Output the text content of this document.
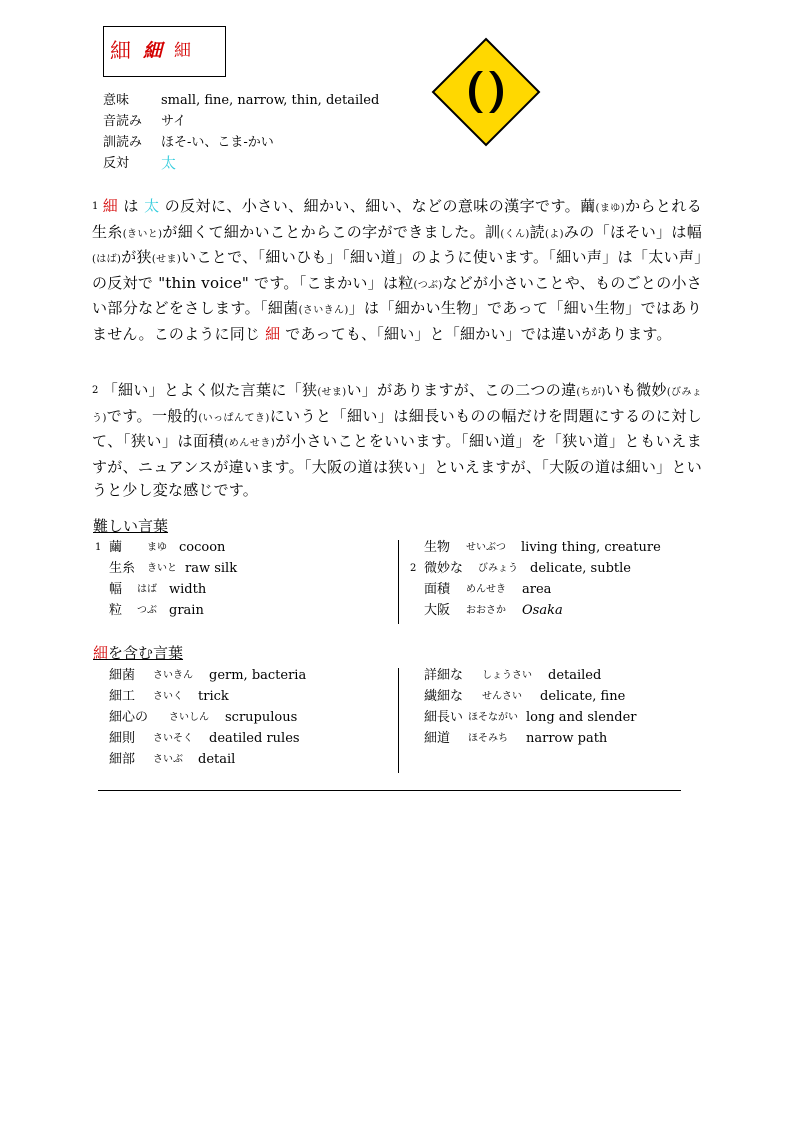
細 細 細
意味	small, fine, narrow, thin, detailed
音読み	サイ
訓読み	ほそ-い、こま-かい
反対	太
$^1$ 細 は 太 の反対に、小さい、細かい、細い、などの意味の漢字です。繭(まゆ)からとれる生糸(きいと)が細くて細かいことからこの字ができました。訓(くん)読(よ)みの「ほそい」は幅(はば)が狭(せま)いことで、「細いひも」「細い道」のように使います。「細い声」は「太い声」の反対で "thin voice" です。「こまかい」は粒(つぶ)などが小さいことや、ものごとの小さい部分などをさします。「細菌(さいきん)」は「細かい生物」であって「細い生物」ではありません。このように同じ 細 であっても、「細い」と「細かい」では違いがあります。
$^2$ 「細い」とよく似た言葉に「狭(せま)い」がありますが、この二つの違(ちが)いも微妙(びみょう)です。一般的(いっぱんてき)にいうと「細い」は細長いものの幅だけを問題にするのに対して、「狭い」は面積(めんせき)が小さいことをいいます。「細い道」を「狭い道」ともいえますが、ニュアンスが違います。「大阪の道は狭い」といえますが、「大阪の道は細い」というと少し変な感じです。
難しい言葉
1 繭	まゆ cocoon
生糸	きいと raw silk
幅	はば width
粒	つぶ grain
生物	せいぶつ	living thing, creature
2 微妙な	びみょう delicate, subtle
面積	めんせき	area
大阪	おおさか	Osaka
細を含む言葉
細菌	さいきん	germ, bacteria
細工	さいく	trick
細心の	さいしん	scrupulous
細則	さいそく	deatiled rules
細部	さいぶ	detail
詳細な	しょうさい	detailed
繊細な	せんさい	delicate, fine
細長い ほそながい long and slender
細道	ほそみち	narrow path
